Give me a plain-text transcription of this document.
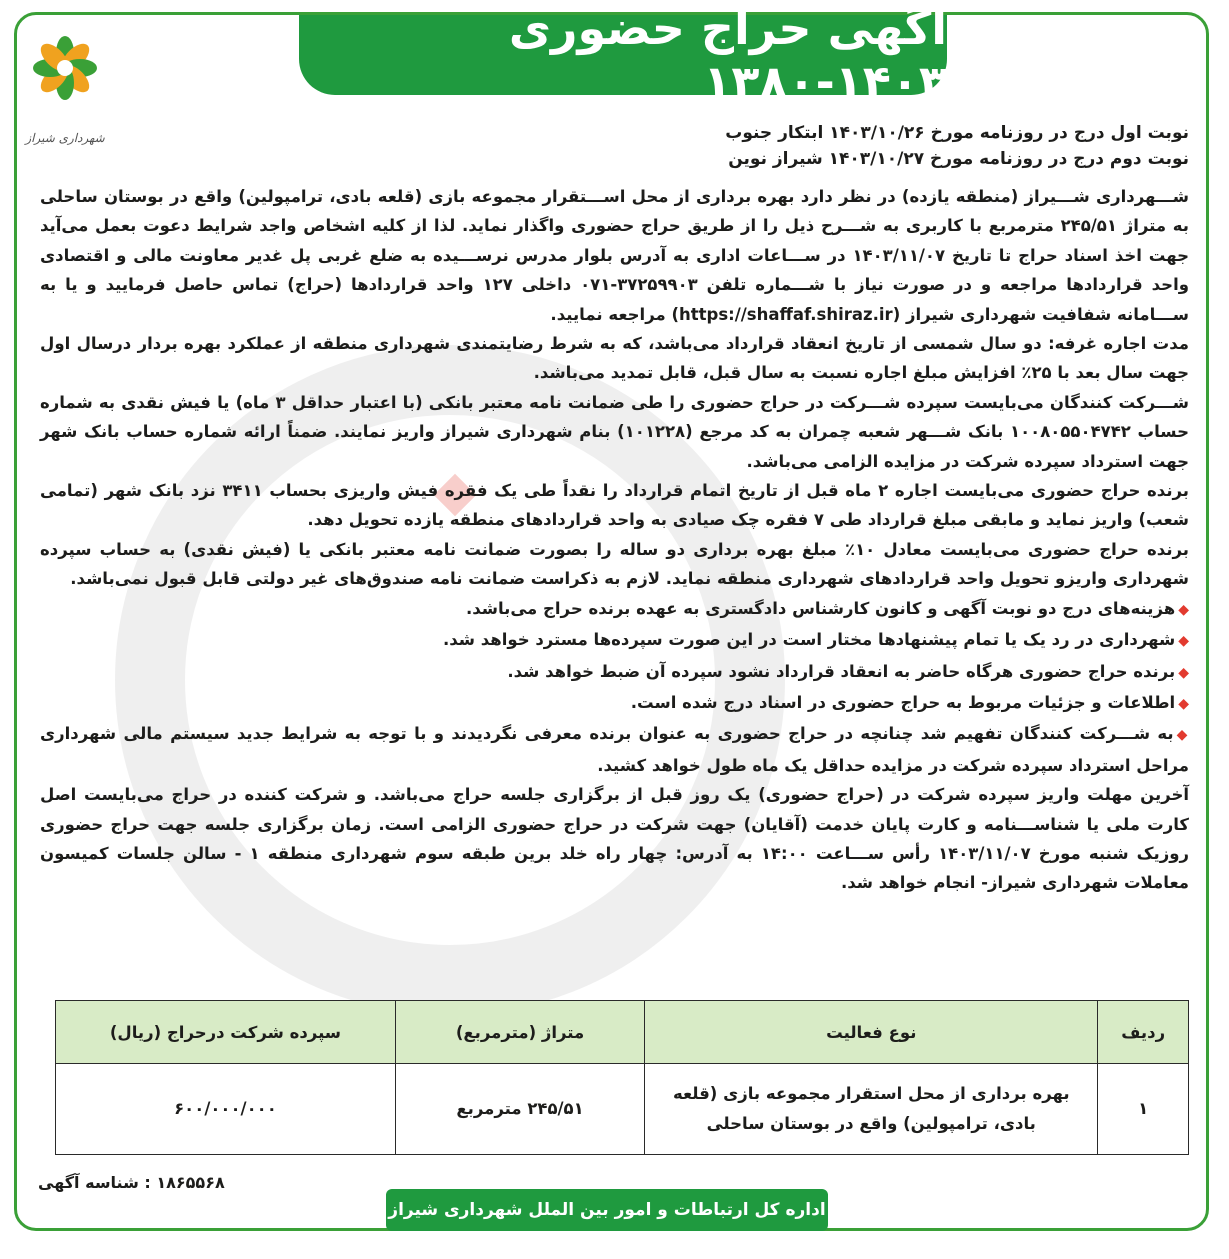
آگهی حراج حضوری ۱۴۰۳-۱۳۸۰
شهرداری شیراز	نوبت اول درج در روزنامه مورخ ۱۴۰۳/۱۰/۲۶ ابتکار جنوب
نوبت دوم درج در روزنامه مورخ ۱۴۰۳/۱۰/۲۷ شیراز نوین

شـــهرداری شـــیراز (منطقه یازده) در نظر دارد بهره برداری از محل اســـتقرار مجموعه بازی (قلعه بادی، ترامپولین) واقع در بوستان ساحلی به متراژ ۲۴۵/۵۱ مترمربع با کاربری به شـــرح ذیل را از طریق حراج حضوری واگذار نماید. لذا از کلیه اشخاص واجد شرایط دعوت بعمل می‌آید جهت اخذ اسناد حراج تا تاریخ ۱۴۰۳/۱۱/۰۷ در ســـاعات اداری به آدرس بلوار مدرس نرســـیده به ضلع غربی پل غدیر معاونت مالی و اقتصادی واحد قراردادها مراجعه و در صورت نیاز با شـــماره تلفن ۳۷۲۵۹۹۰۳-۰۷۱ داخلی ۱۲۷ واحد قراردادها (حراج) تماس حاصل فرمایید و یا به ســـامانه شفافیت شهرداری شیراز (https://shaffaf.shiraz.ir) مراجعه نمایید.

مدت اجاره غرفه: دو سال شمسی از تاریخ انعقاد قرارداد می‌باشد، که به شرط رضایتمندی شهرداری منطقه از عملکرد بهره بردار درسال اول جهت سال بعد با ۲۵٪ افزایش مبلغ اجاره نسبت به سال قبل، قابل تمدید می‌باشد.

شـــرکت کنندگان می‌بایست سپرده شـــرکت در حراج حضوری را طی ضمانت نامه معتبر بانکی (با اعتبار حداقل ۳ ماه) یا فیش نقدی به شماره حساب ۱۰۰۸۰۵۵۰۴۷۴۲ بانک شـــهر شعبه چمران به کد مرجع (۱۰۱۲۲۸) بنام شهرداری شیراز واریز نمایند. ضمناً ارائه شماره حساب بانک شهر جهت استرداد سپرده شرکت در مزایده الزامی می‌باشد.

برنده حراج حضوری می‌بایست اجاره ۲ ماه قبل از تاریخ اتمام قرارداد را نقداً طی یک فقره فیش واریزی بحساب ۳۴۱۱ نزد بانک شهر (تمامی شعب) واریز نماید و مابقی مبلغ قرارداد طی ۷ فقره چک صیادی به واحد قراردادهای منطقه یازده تحویل دهد.

برنده حراج حضوری می‌بایست معادل ۱۰٪ مبلغ بهره برداری دو ساله را بصورت ضمانت نامه معتبر بانکی یا (فیش نقدی) به حساب سپرده شهرداری واریزو تحویل واحد قراردادهای شهرداری منطقه نماید. لازم به ذکراست ضمانت نامه صندوق‌های غیر دولتی قابل قبول نمی‌باشد.

◆هزینه‌های درج دو نوبت آگهی و کانون کارشناس دادگستری به عهده برنده حراج می‌باشد.

◆شهرداری در رد یک یا تمام پیشنهادها مختار است در این صورت سپرده‌ها مسترد خواهد شد.

◆برنده حراج حضوری هرگاه حاضر به انعقاد قرارداد نشود سپرده آن ضبط خواهد شد.

◆اطلاعات و جزئیات مربوط به حراج حضوری در اسناد درج شده است.

◆به شـــرکت کنندگان تفهیم شد چنانچه در حراج حضوری به عنوان برنده معرفی نگردیدند و با توجه به شرایط جدید سیستم مالی شهرداری مراحل استرداد سپرده شرکت در مزایده حداقل یک ماه طول خواهد کشید.

آخرین مهلت واریز سپرده شرکت در (حراج حضوری) یک روز قبل از برگزاری جلسه حراج می‌باشد. و شرکت کننده در حراج می‌بایست اصل کارت ملی یا شناســـنامه و کارت پایان خدمت (آقایان) جهت شرکت در حراج حضوری الزامی است. زمان برگزاری جلسه جهت حراج حضوری روزیک شنبه مورخ ۱۴۰۳/۱۱/۰۷ رأس ســـاعت ۱۴:۰۰ به آدرس: چهار راه خلد برین طبقه سوم شهرداری منطقه ۱ - سالن جلسات کمیسون معاملات شهرداری شیراز- انجام خواهد شد.

ردیف	نوع فعالیت	متراژ (مترمربع)	سپرده شرکت درحراج (ریال)
۱	بهره برداری از محل استقرار مجموعه بازی (قلعه بادی، ترامپولین) واقع در بوستان ساحلی	۲۴۵/۵۱ مترمربع	۶۰۰/۰۰۰/۰۰۰
۱۸۶۵۵۶۸ : شناسه آگهی
اداره کل ارتباطات و امور بین الملل شهرداری شیراز
